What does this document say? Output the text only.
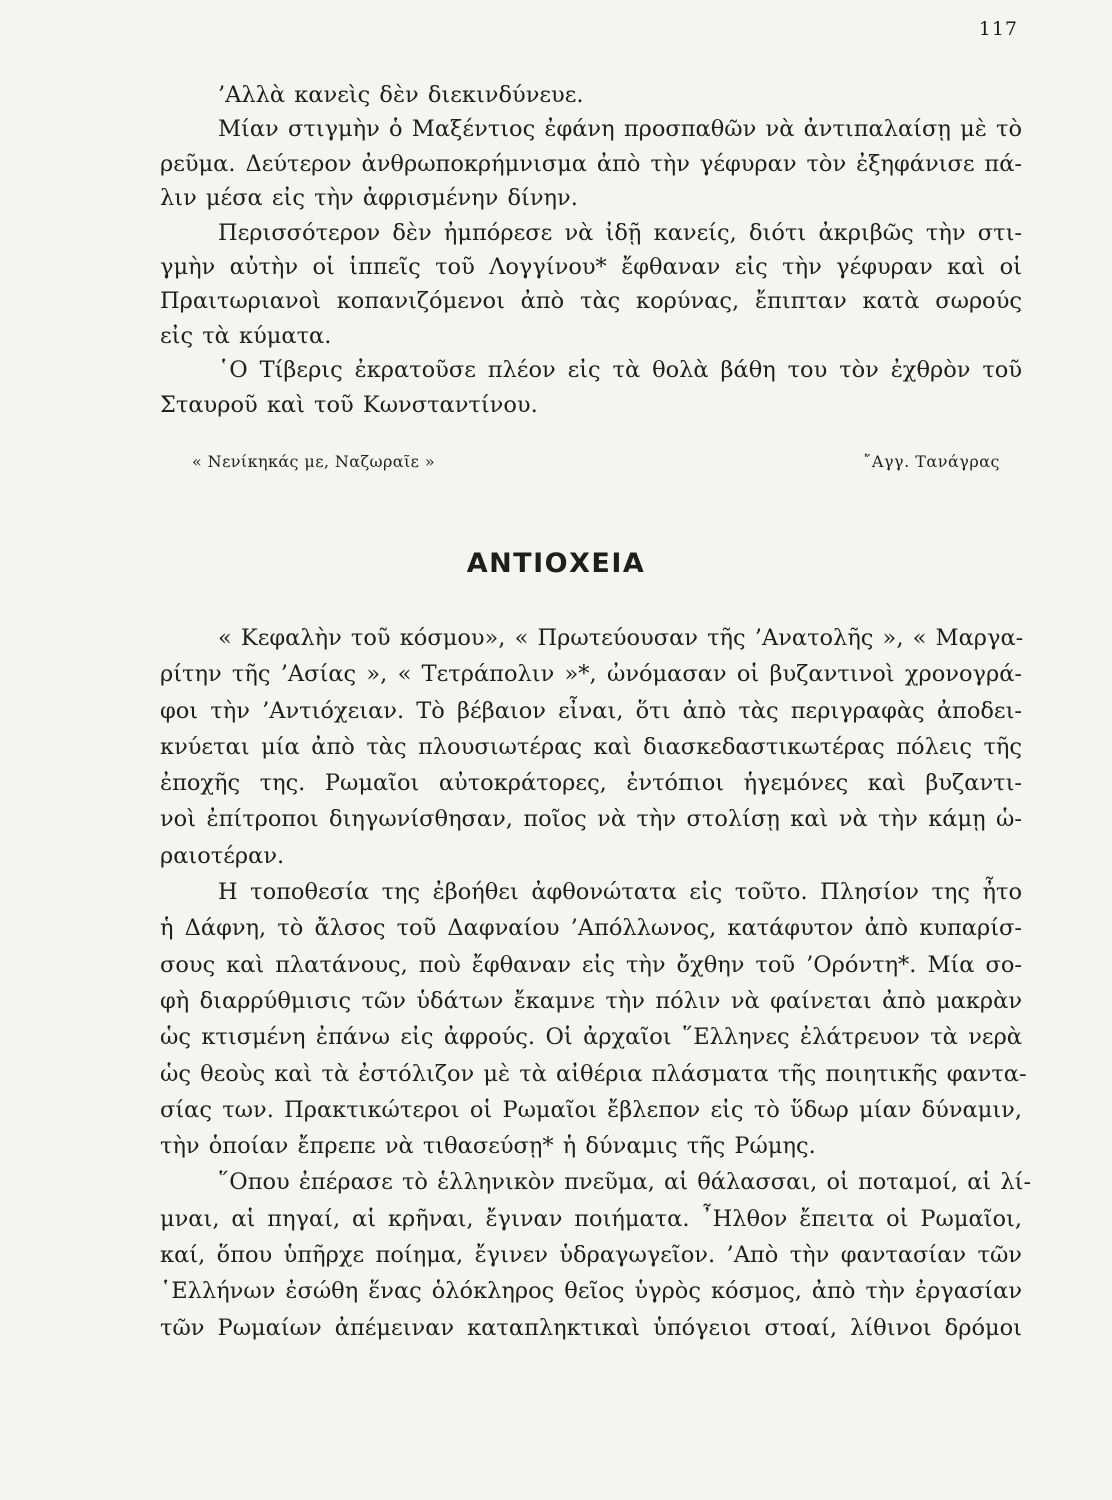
117
’Αλλὰ κανεὶς δὲν διεκινδύνευε.
Μίαν στιγμὴν ὁ Μαξέντιος ἐφάνη προσπαθῶν νὰ ἀντιπαλαίσῃ μὲ τὸ
ρεῦμα. Δεύτερον ἀνθρωποκρήμνισμα ἀπὸ τὴν γέφυραν τὸν ἐξηφάνισε πά-
λιν μέσα εἰς τὴν ἀφρισμένην δίνην.
Περισσότερον δὲν ἠμπόρεσε νὰ ἰδῇ κανείς, διότι ἀκριβῶς τὴν στι-
γμὴν αὐτὴν οἱ ἱππεῖς τοῦ Λογγίνου* ἔφθαναν εἰς τὴν γέφυραν καὶ οἱ
Πραιτωριανοὶ κοπανιζόμενοι ἀπὸ τὰς κορύνας, ἔπιπταν κατὰ σωρούς
εἰς τὰ κύματα.
῾Ο Τίβερις ἐκρατοῦσε πλέον εἰς τὰ θολὰ βάθη του τὸν ἐχθρὸν τοῦ
Σταυροῦ καὶ τοῦ Κωνσταντίνου.
« Νενίκηκάς με, Ναζωραῖε »	῎Αγγ. Τανάγρας
ΑΝΤΙΟΧΕΙΑ
« Κεφαλὴν τοῦ κόσμου», « Πρωτεύουσαν τῆς ’Ανατολῆς », « Μαργα-
ρίτην τῆς ’Ασίας », « Τετράπολιν »*, ὠνόμασαν οἱ βυζαντινοὶ χρονογρά-
φοι τὴν ’Αντιόχειαν. Τὸ βέβαιον εἶναι, ὅτι ἀπὸ τὰς περιγραφὰς ἀποδει-
κνύεται μία ἀπὸ τὰς πλουσιωτέρας καὶ διασκεδαστικωτέρας πόλεις τῆς
ἐποχῆς της. Ρωμαῖοι αὐτοκράτορες, ἐντόπιοι ἡγεμόνες καὶ βυζαντι-
νοὶ ἐπίτροποι διηγωνίσθησαν, ποῖος νὰ τὴν στολίσῃ καὶ νὰ τὴν κάμῃ ὡ-
ραιοτέραν.
Η τοποθεσία της ἐβοήθει ἀφθονώτατα εἰς τοῦτο. Πλησίον της ἦτο
ἡ Δάφνη, τὸ ἄλσος τοῦ Δαφναίου ’Απόλλωνος, κατάφυτον ἀπὸ κυπαρίσ-
σους καὶ πλατάνους, ποὺ ἔφθαναν εἰς τὴν ὄχθην τοῦ ’Ορόντη*. Μία σο-
φὴ διαρρύθμισις τῶν ὑδάτων ἔκαμνε τὴν πόλιν νὰ φαίνεται ἀπὸ μακρὰν
ὡς κτισμένη ἐπάνω εἰς ἀφρούς. Οἱ ἀρχαῖοι ῞Ελληνες ἐλάτρευον τὰ νερὰ
ὡς θεοὺς καὶ τὰ ἐστόλιζον μὲ τὰ αἰθέρια πλάσματα τῆς ποιητικῆς φαντα-
σίας των. Πρακτικώτεροι οἱ Ρωμαῖοι ἔβλεπον εἰς τὸ ὕδωρ μίαν δύναμιν,
τὴν ὁποίαν ἔπρεπε νὰ τιθασεύσῃ* ἡ δύναμις τῆς Ρώμης.
῞Οπου ἐπέρασε τὸ ἑλληνικὸν πνεῦμα, αἱ θάλασσαι, οἱ ποταμοί, αἱ λί-
μναι, αἱ πηγαί, αἱ κρῆναι, ἔγιναν ποιήματα. ῏Ηλθον ἔπειτα οἱ Ρωμαῖοι,
καί, ὅπου ὑπῆρχε ποίημα, ἔγινεν ὑδραγωγεῖον. ’Απὸ τὴν φαντασίαν τῶν
῾Ελλήνων ἐσώθη ἕνας ὁλόκληρος θεῖος ὑγρὸς κόσμος, ἀπὸ τὴν ἐργασίαν
τῶν Ρωμαίων ἀπέμειναν καταπληκτικαὶ ὑπόγειοι στοαί, λίθινοι δρόμοι
